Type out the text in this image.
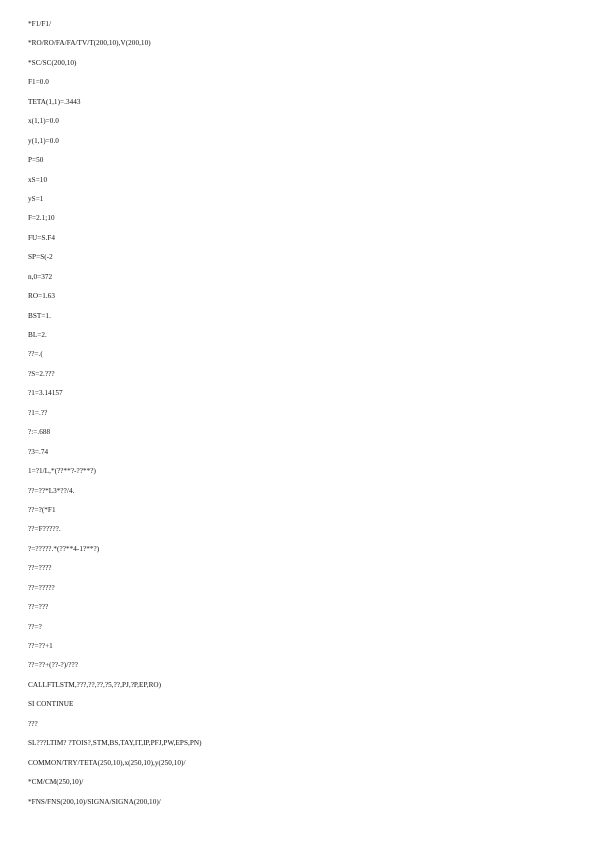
*F1/F1/
*RO/RO/FA/FA/TV/T(200,10),V(200,10)
*SC/SC(200,10)
F1=0.0
TETA(1,1)=.3443
x(1,1)=0.0
y(1,1)=0.0
P=50
xS=10
yS=1
F=2.1;10
FU=S.F4
SP=S(-2
n,0=372
RO=1.63
BST=1.
BL=2.
??=.(
?S=2.???
?1=3.14157
?1=.??
?:=.688
?3=.74
1=?1/L,*(??**?-??**?)
??=??*L3*??/4.
??=?(*F1
??=F?????.
?=?????.*(??**4-1?**?)
??=????
??=?????
??=???
??=?
??=??+1
??=??+(??-?)/???
CALLFTLSTM,???,??,??,?5,??,PJ,?P,EP,RO)
SI CONTINUE
???
SL???LTIM? ?TOIS?,STM,BS,TAY,IT,IP,PFJ,PW,EPS,PN)
COMMON/TRY/TETA(250,10),x(250,10),y(250,10)/
*CM/CM(250,10)/
*FNS/FNS(200,10)/SIGNA/SIGNA(200,10)/
